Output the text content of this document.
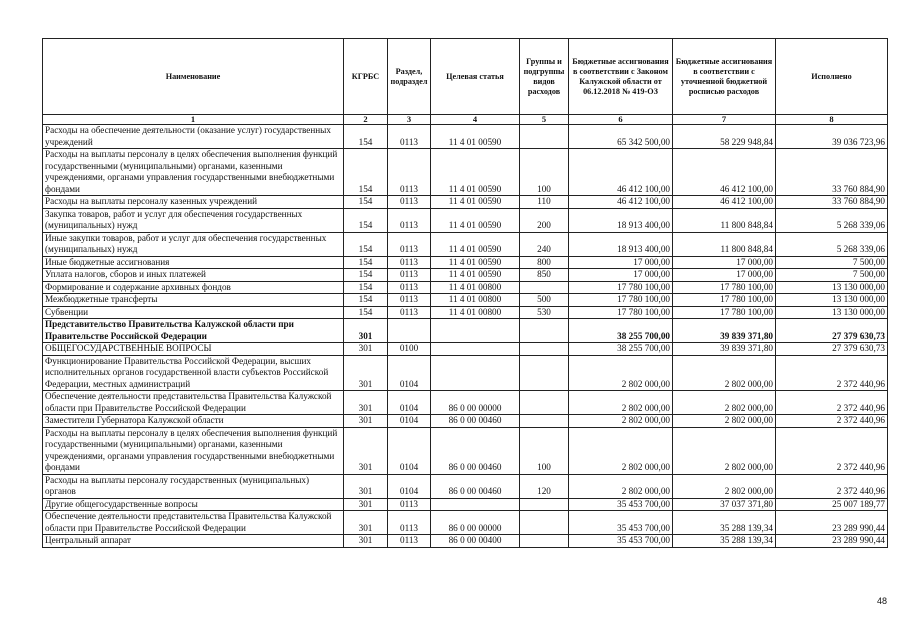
Наименование	КГРБС	Раздел, подраздел	Целевая статья	Группы и подгруппы видов расходов	Бюджетные ассигнования в соответствии с Законом Калужской области от 06.12.2018 № 419-ОЗ	Бюджетные ассигнования в соответствии с уточненной бюджетной росписью расходов	Исполнено
1	2	3	4	5	6	7	8
Расходы на обеспечение деятельности (оказание услуг) государственных учреждений	154	0113	11 4 01 00590		65 342 500,00	58 229 948,84	39 036 723,96
Расходы на выплаты персоналу в целях обеспечения выполнения функций государственными (муниципальными) органами, казенными учреждениями, органами управления государственными внебюджетными фондами	154	0113	11 4 01 00590	100	46 412 100,00	46 412 100,00	33 760 884,90
Расходы на выплаты персоналу казенных учреждений	154	0113	11 4 01 00590	110	46 412 100,00	46 412 100,00	33 760 884,90
Закупка товаров, работ и услуг для обеспечения государственных (муниципальных) нужд	154	0113	11 4 01 00590	200	18 913 400,00	11 800 848,84	5 268 339,06
Иные закупки товаров, работ и услуг для обеспечения государственных (муниципальных) нужд	154	0113	11 4 01 00590	240	18 913 400,00	11 800 848,84	5 268 339,06
Иные бюджетные ассигнования	154	0113	11 4 01 00590	800	17 000,00	17 000,00	7 500,00
Уплата налогов, сборов и иных платежей	154	0113	11 4 01 00590	850	17 000,00	17 000,00	7 500,00
Формирование и содержание архивных фондов	154	0113	11 4 01 00800		17 780 100,00	17 780 100,00	13 130 000,00
Межбюджетные трансферты	154	0113	11 4 01 00800	500	17 780 100,00	17 780 100,00	13 130 000,00
Субвенции	154	0113	11 4 01 00800	530	17 780 100,00	17 780 100,00	13 130 000,00
Представительство Правительства Калужской области при Правительстве Российской Федерации	301				38 255 700,00	39 839 371,80	27 379 630,73
ОБЩЕГОСУДАРСТВЕННЫЕ ВОПРОСЫ	301	0100			38 255 700,00	39 839 371,80	27 379 630,73
Функционирование Правительства Российской Федерации, высших исполнительных органов государственной власти субъектов Российской Федерации, местных администраций	301	0104			2 802 000,00	2 802 000,00	2 372 440,96
Обеспечение деятельности представительства Правительства Калужской области при Правительстве Российской Федерации	301	0104	86 0 00 00000		2 802 000,00	2 802 000,00	2 372 440,96
Заместители Губернатора Калужской области	301	0104	86 0 00 00460		2 802 000,00	2 802 000,00	2 372 440,96
Расходы на выплаты персоналу в целях обеспечения выполнения функций государственными (муниципальными) органами, казенными учреждениями, органами управления государственными внебюджетными фондами	301	0104	86 0 00 00460	100	2 802 000,00	2 802 000,00	2 372 440,96
Расходы на выплаты персоналу государственных (муниципальных) органов	301	0104	86 0 00 00460	120	2 802 000,00	2 802 000,00	2 372 440,96
Другие общегосударственные вопросы	301	0113			35 453 700,00	37 037 371,80	25 007 189,77
Обеспечение деятельности представительства Правительства Калужской области при Правительстве Российской Федерации	301	0113	86 0 00 00000		35 453 700,00	35 288 139,34	23 289 990,44
Центральный аппарат	301	0113	86 0 00 00400		35 453 700,00	35 288 139,34	23 289 990,44
48
